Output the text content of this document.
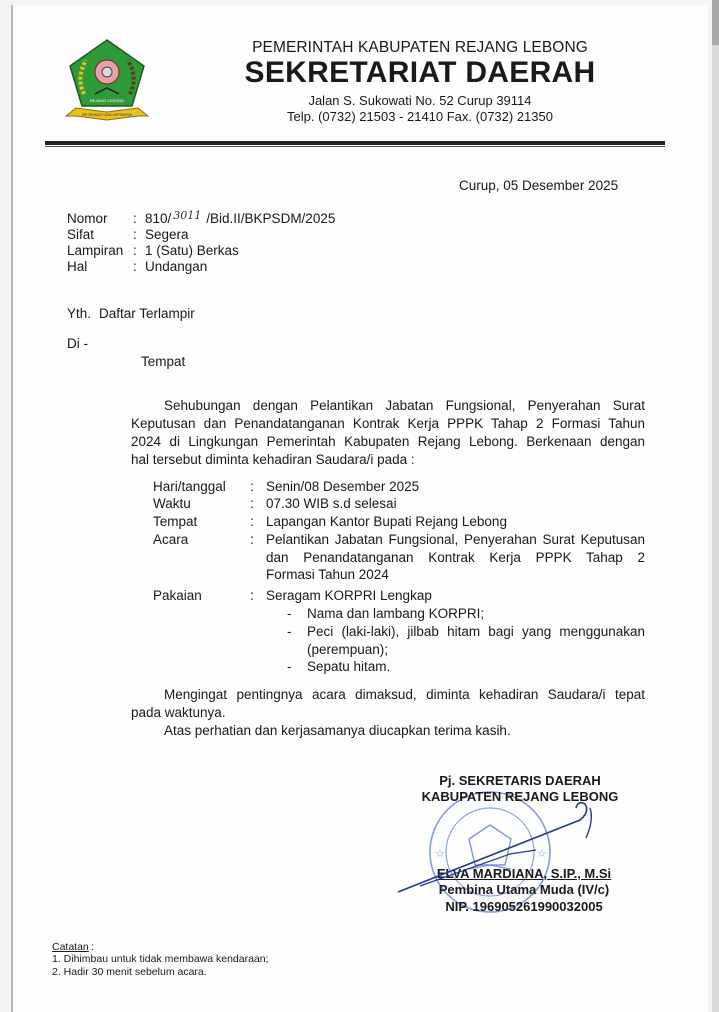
REJANG LEBONG
PAT SEPAKAT LEMO SEPENDRIO
PEMERINTAH KABUPATEN REJANG LEBONG
SEKRETARIAT DAERAH
Jalan S. Sukowati No. 52 Curup 39114
Telp. (0732) 21503 - 21410 Fax. (0732) 21350
Curup, 05 Desember 2025
Nomor : 810/ $^{3011}$ /Bid.II/BKPSDM/2025
Sifat	: Segera
Lampiran : 1 (Satu) Berkas
Hal	: Undangan
Yth. Daftar Terlampir
Di -
Tempat
Sehubungan dengan Pelantikan Jabatan Fungsional, Penyerahan Surat
Keputusan dan Penandatanganan Kontrak Kerja PPPK Tahap 2 Formasi Tahun
2024 di Lingkungan Pemerintah Kabupaten Rejang Lebong. Berkenaan dengan
hal tersebut diminta kehadiran Saudara/i pada :
Hari/tanggal : Senin/08 Desember 2025
Waktu	: 07.30 WIB s.d selesai
Tempat	: Lapangan Kantor Bupati Rejang Lebong
Acara	: Pelantikan Jabatan Fungsional, Penyerahan Surat Keputusan
dan Penandatanganan Kontrak Kerja PPPK Tahap 2
Formasi Tahun 2024
Pakaian	: Seragam KORPRI Lengkap
- Nama dan lambang KORPRI;
- Peci (laki-laki), jilbab hitam bagi yang menggunakan
(perempuan);
- Sepatu hitam.
Mengingat pentingnya acara dimaksud, diminta kehadiran Saudara/i tepat
pada waktunya.
Atas perhatian dan kerjasamanya diucapkan terima kasih.
☆	☆
Pj. SEKRETARIS DAERAH
KABUPATEN REJANG LEBONG
ELVA MARDIANA, S.IP., M.Si
Pembina Utama Muda (IV/c)
NIP. 196905261990032005
Catatan :
1. Dihimbau untuk tidak membawa kendaraan;
2. Hadir 30 menit sebelum acara.
